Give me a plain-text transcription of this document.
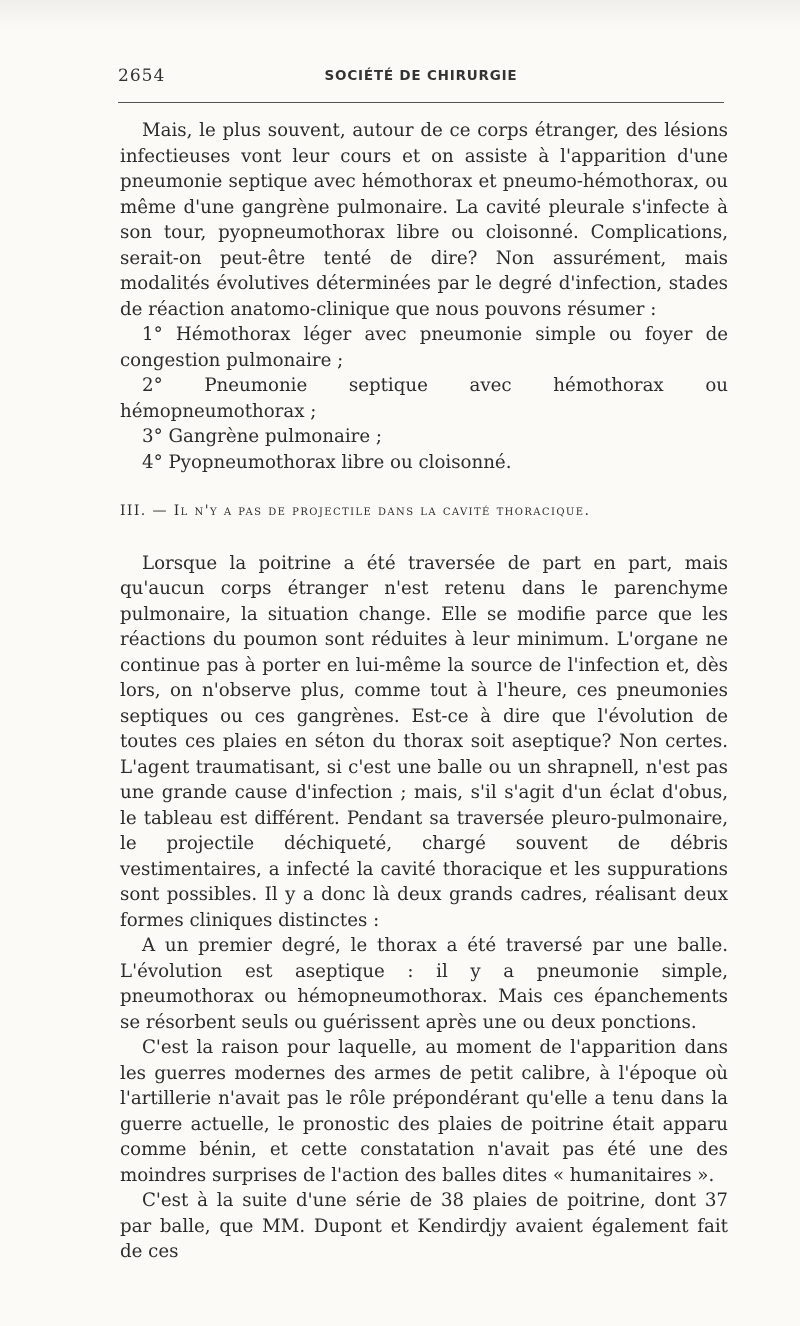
2654	SOCIÉTÉ DE CHIRURGIE

Mais, le plus souvent, autour de ce corps étranger, des lésions infectieuses vont leur cours et on assiste à l'apparition d'une pneumonie septique avec hémothorax et pneumo-hémothorax, ou même d'une gangrène pulmonaire. La cavité pleurale s'infecte à son tour, pyopneumothorax libre ou cloisonné. Complications, serait-on peut-être tenté de dire? Non assurément, mais modalités évolutives déterminées par le degré d'infection, stades de réaction anatomo-clinique que nous pouvons résumer :

1° Hémothorax léger avec pneumonie simple ou foyer de congestion pulmonaire ;

2° Pneumonie septique avec hémothorax ou hémopneumothorax ;

3° Gangrène pulmonaire ;

4° Pyopneumothorax libre ou cloisonné.

III. — Il n'y a pas de projectile dans la cavité thoracique.

Lorsque la poitrine a été traversée de part en part, mais qu'aucun corps étranger n'est retenu dans le parenchyme pulmonaire, la situation change. Elle se modifie parce que les réactions du poumon sont réduites à leur minimum. L'organe ne continue pas à porter en lui-même la source de l'infection et, dès lors, on n'observe plus, comme tout à l'heure, ces pneumonies septiques ou ces gangrènes. Est-ce à dire que l'évolution de toutes ces plaies en séton du thorax soit aseptique? Non certes. L'agent traumatisant, si c'est une balle ou un shrapnell, n'est pas une grande cause d'infection ; mais, s'il s'agit d'un éclat d'obus, le tableau est différent. Pendant sa traversée pleuro-pulmonaire, le projectile déchiqueté, chargé souvent de débris vestimentaires, a infecté la cavité thoracique et les suppurations sont possibles. Il y a donc là deux grands cadres, réalisant deux formes cliniques distinctes :

A un premier degré, le thorax a été traversé par une balle. L'évolution est aseptique : il y a pneumonie simple, pneumothorax ou hémopneumothorax. Mais ces épanchements se résorbent seuls ou guérissent après une ou deux ponctions.

C'est la raison pour laquelle, au moment de l'apparition dans les guerres modernes des armes de petit calibre, à l'époque où l'artillerie n'avait pas le rôle prépondérant qu'elle a tenu dans la guerre actuelle, le pronostic des plaies de poitrine était apparu comme bénin, et cette constatation n'avait pas été une des moindres surprises de l'action des balles dites « humanitaires ».

C'est à la suite d'une série de 38 plaies de poitrine, dont 37 par balle, que MM. Dupont et Kendirdjy avaient également fait de ces
